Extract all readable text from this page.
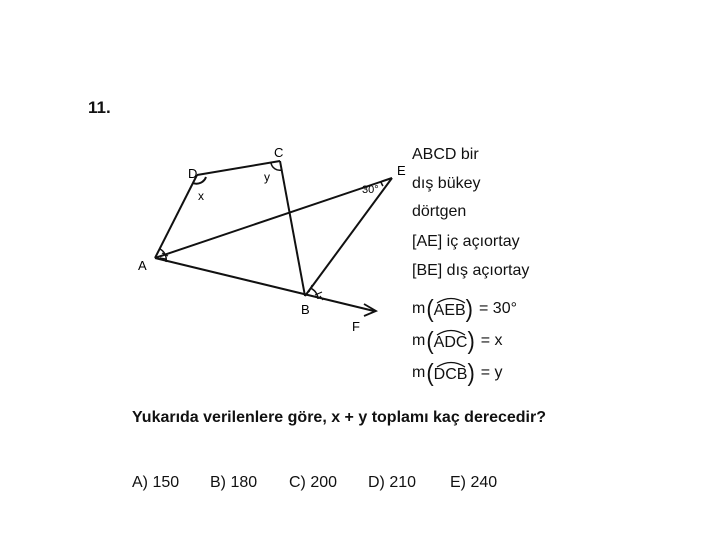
11.
A
B
C
D	E
F
x
y
30°
ABCD bir
dış bükey
dörtgen
[AE] iç açıortay
[BE] dış açıortay
m ( AEB ) = 30°
m ( ADC ) = x
m ( DCB ) = y
Yukarıda verilenlere göre, x + y toplamı kaç derecedir?
A) 150 B) 180 C) 200 D) 210 E) 240
